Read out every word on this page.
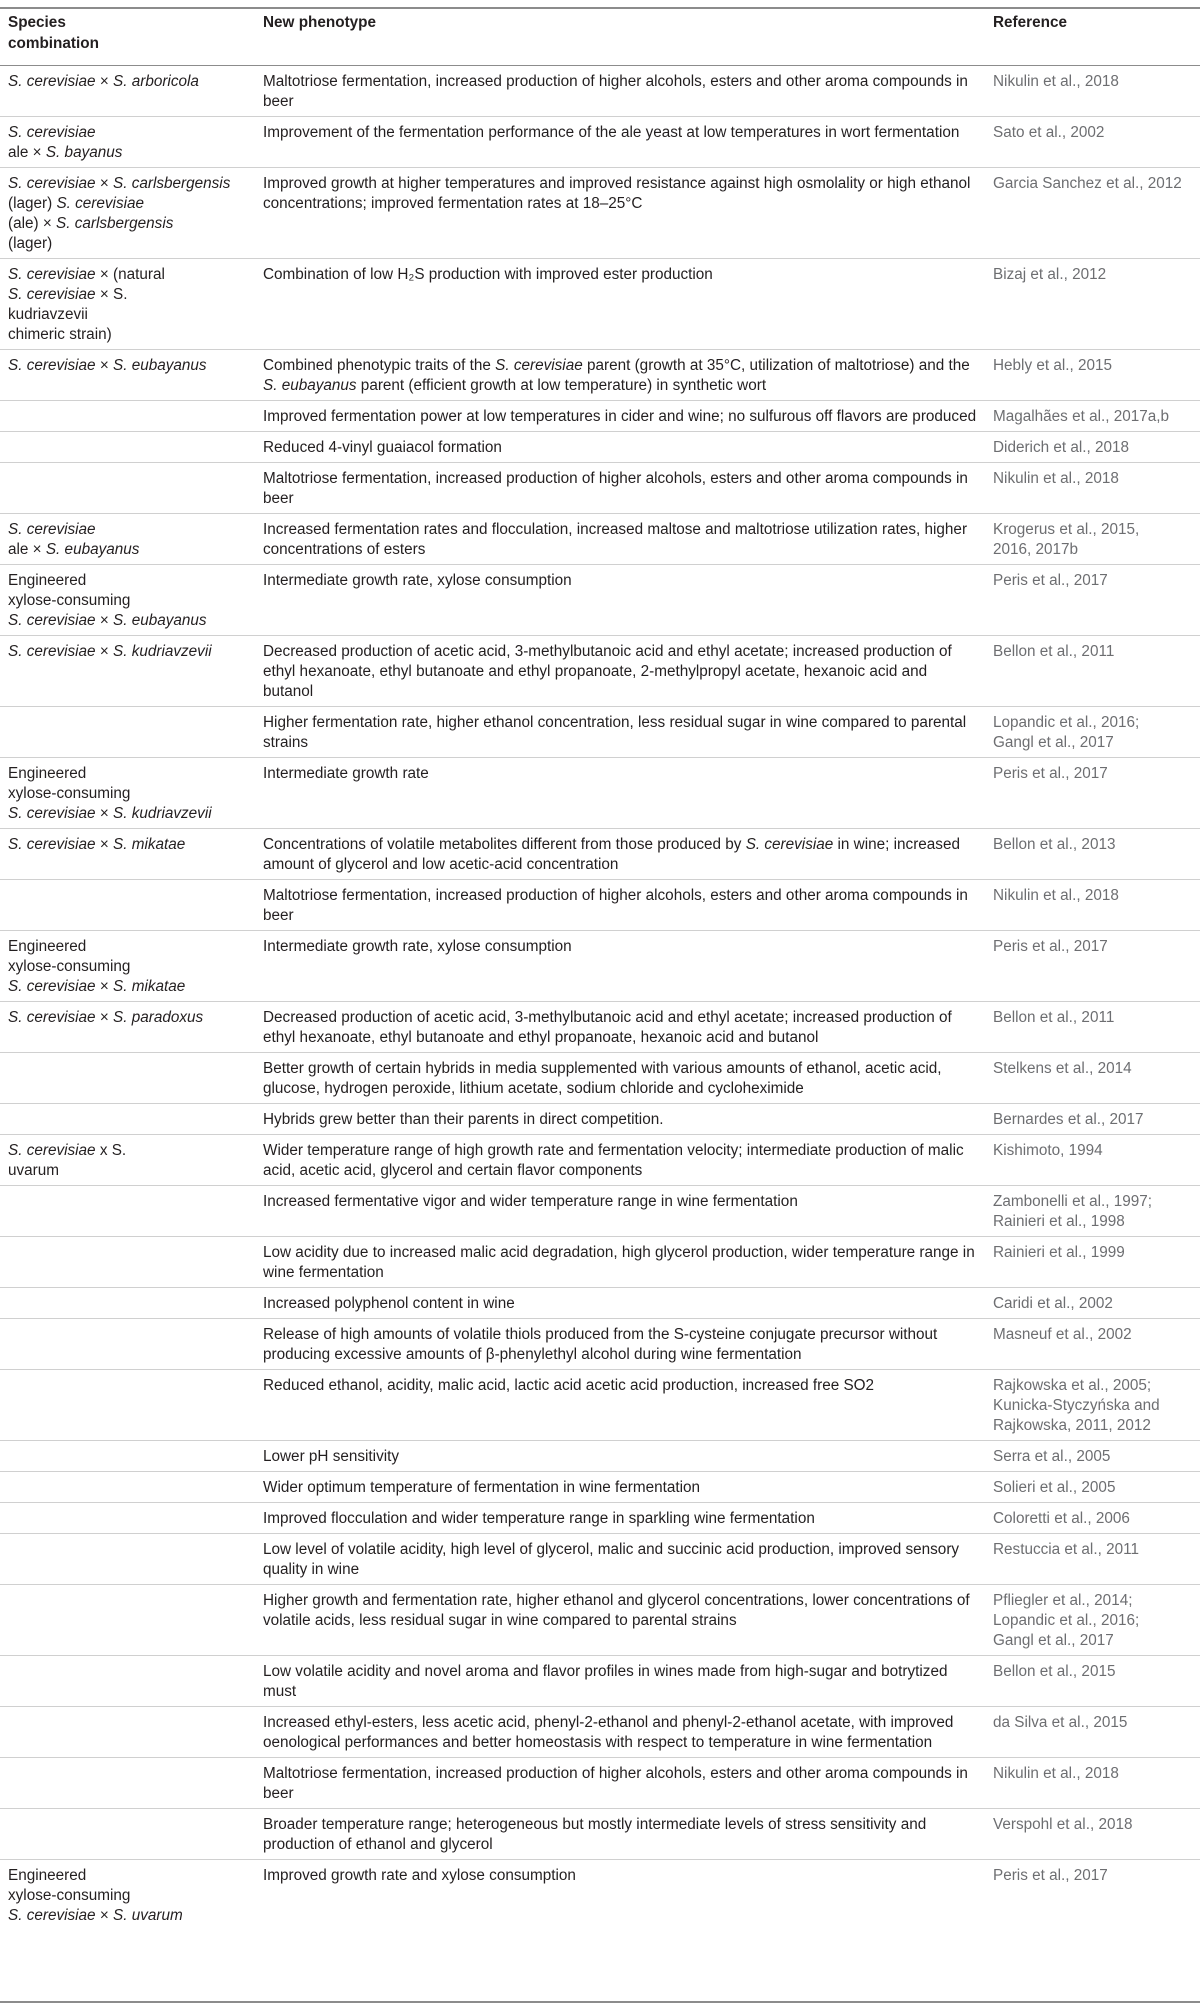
Species
combination	New phenotype	Reference

S. cerevisiae × S. arboricola	Maltotriose fermentation, increased production of higher alcohols, esters and other aroma compounds in beer	Nikulin et al., 2018

S. cerevisiae
ale × S. bayanus	Improvement of the fermentation performance of the ale yeast at low temperatures in wort fermentation	Sato et al., 2002

S. cerevisiae × S. carlsbergensis
(lager) S. cerevisiae
(ale) × S. carlsbergensis
(lager)	Improved growth at higher temperatures and improved resistance against high osmolality or high ethanol concentrations; improved fermentation rates at 18–25°C	Garcia Sanchez et al., 2012

S. cerevisiae × (natural
S. cerevisiae × S.
kudriavzevii
chimeric strain)	Combination of low H₂S production with improved ester production	Bizaj et al., 2012

S. cerevisiae × S. eubayanus	Combined phenotypic traits of the S. cerevisiae parent (growth at 35°C, utilization of maltotriose) and the S. eubayanus parent (efficient growth at low temperature) in synthetic wort	Hebly et al., 2015

	Improved fermentation power at low temperatures in cider and wine; no sulfurous off flavors are produced	Magalhães et al., 2017a,b

	Reduced 4-vinyl guaiacol formation	Diderich et al., 2018

	Maltotriose fermentation, increased production of higher alcohols, esters and other aroma compounds in beer	Nikulin et al., 2018

S. cerevisiae
ale × S. eubayanus	Increased fermentation rates and flocculation, increased maltose and maltotriose utilization rates, higher concentrations of esters	Krogerus et al., 2015,
2016, 2017b

Engineered
xylose-consuming
S. cerevisiae × S. eubayanus	Intermediate growth rate, xylose consumption	Peris et al., 2017

S. cerevisiae × S. kudriavzevii	Decreased production of acetic acid, 3-methylbutanoic acid and ethyl acetate; increased production of ethyl hexanoate, ethyl butanoate and ethyl propanoate, 2-methylpropyl acetate, hexanoic acid and butanol	Bellon et al., 2011

	Higher fermentation rate, higher ethanol concentration, less residual sugar in wine compared to parental strains	Lopandic et al., 2016;
Gangl et al., 2017

Engineered
xylose-consuming
S. cerevisiae × S. kudriavzevii	Intermediate growth rate	Peris et al., 2017

S. cerevisiae × S. mikatae	Concentrations of volatile metabolites different from those produced by S. cerevisiae in wine; increased amount of glycerol and low acetic-acid concentration	Bellon et al., 2013

	Maltotriose fermentation, increased production of higher alcohols, esters and other aroma compounds in beer	Nikulin et al., 2018

Engineered
xylose-consuming
S. cerevisiae × S. mikatae	Intermediate growth rate, xylose consumption	Peris et al., 2017

S. cerevisiae × S. paradoxus	Decreased production of acetic acid, 3-methylbutanoic acid and ethyl acetate; increased production of ethyl hexanoate, ethyl butanoate and ethyl propanoate, hexanoic acid and butanol	Bellon et al., 2011

	Better growth of certain hybrids in media supplemented with various amounts of ethanol, acetic acid, glucose, hydrogen peroxide, lithium acetate, sodium chloride and cycloheximide	Stelkens et al., 2014

	Hybrids grew better than their parents in direct competition.	Bernardes et al., 2017

S. cerevisiae x S.
uvarum	Wider temperature range of high growth rate and fermentation velocity; intermediate production of malic acid, acetic acid, glycerol and certain flavor components	Kishimoto, 1994

	Increased fermentative vigor and wider temperature range in wine fermentation	Zambonelli et al., 1997;
Rainieri et al., 1998

	Low acidity due to increased malic acid degradation, high glycerol production, wider temperature range in wine fermentation	Rainieri et al., 1999

	Increased polyphenol content in wine	Caridi et al., 2002

	Release of high amounts of volatile thiols produced from the S-cysteine conjugate precursor without producing excessive amounts of β-phenylethyl alcohol during wine fermentation	Masneuf et al., 2002

	Reduced ethanol, acidity, malic acid, lactic acid acetic acid production, increased free SO2	Rajkowska et al., 2005;
Kunicka-Styczyńska and
Rajkowska, 2011, 2012

	Lower pH sensitivity	Serra et al., 2005

	Wider optimum temperature of fermentation in wine fermentation	Solieri et al., 2005

	Improved flocculation and wider temperature range in sparkling wine fermentation	Coloretti et al., 2006

	Low level of volatile acidity, high level of glycerol, malic and succinic acid production, improved sensory quality in wine	Restuccia et al., 2011

	Higher growth and fermentation rate, higher ethanol and glycerol concentrations, lower concentrations of volatile acids, less residual sugar in wine compared to parental strains	Pfliegler et al., 2014;
Lopandic et al., 2016;
Gangl et al., 2017

	Low volatile acidity and novel aroma and flavor profiles in wines made from high-sugar and botrytized must	Bellon et al., 2015

	Increased ethyl-esters, less acetic acid, phenyl-2-ethanol and phenyl-2-ethanol acetate, with improved oenological performances and better homeostasis with respect to temperature in wine fermentation	da Silva et al., 2015

	Maltotriose fermentation, increased production of higher alcohols, esters and other aroma compounds in beer	Nikulin et al., 2018

	Broader temperature range; heterogeneous but mostly intermediate levels of stress sensitivity and production of ethanol and glycerol	Verspohl et al., 2018

Engineered
xylose-consuming
S. cerevisiae × S. uvarum	Improved growth rate and xylose consumption	Peris et al., 2017
